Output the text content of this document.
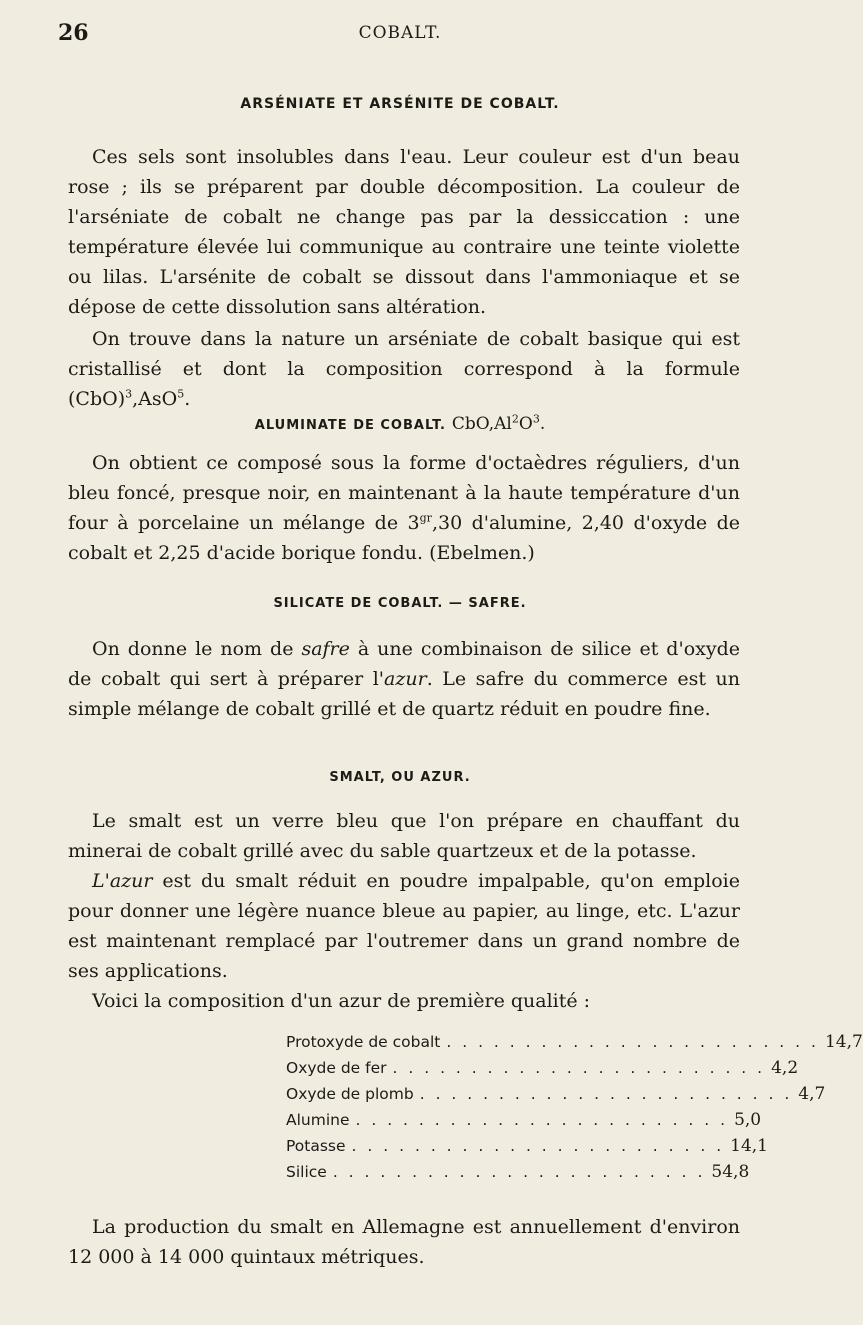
26	COBALT.
ARSÉNIATE ET ARSÉNITE DE COBALT.

Ces sels sont insolubles dans l'eau. Leur couleur est d'un beau rose ; ils se préparent par double décomposition. La couleur de l'arséniate de cobalt ne change pas par la dessiccation : une température élevée lui communique au contraire une teinte violette ou lilas. L'arsénite de cobalt se dissout dans l'ammoniaque et se dépose de cette dissolution sans altération.

On trouve dans la nature un arséniate de cobalt basique qui est cristallisé et dont la composition correspond à la formule (CbO)$^3$,AsO$^5$.

ALUMINATE DE COBALT. $CbO,Al^2O^3$.

On obtient ce composé sous la forme d'octaèdres réguliers, d'un bleu foncé, presque noir, en maintenant à la haute température d'un four à porcelaine un mélange de $3^{gr},30$ d'alumine, 2,40 d'oxyde de cobalt et 2,25 d'acide borique fondu. (Ebelmen.)

SILICATE DE COBALT. — SAFRE.

On donne le nom de safre à une combinaison de silice et d'oxyde de cobalt qui sert à préparer l'azur. Le safre du commerce est un simple mélange de cobalt grillé et de quartz réduit en poudre fine.

SMALT, OU AZUR.

Le smalt est un verre bleu que l'on prépare en chauffant du minerai de cobalt grillé avec du sable quartzeux et de la potasse.

L'azur est du smalt réduit en poudre impalpable, qu'on emploie pour donner une légère nuance bleue au papier, au linge, etc. L'azur est maintenant remplacé par l'outremer dans un grand nombre de ses applications.

Voici la composition d'un azur de première qualité :

Protoxyde de cobalt . . . . . . . . . . . . . . . . . . . . . . . . 14,7
Oxyde de fer . . . . . . . . . . . . . . . . . . . . . . . . 4,2
Oxyde de plomb . . . . . . . . . . . . . . . . . . . . . . . . 4,7
Alumine . . . . . . . . . . . . . . . . . . . . . . . . 5,0
Potasse . . . . . . . . . . . . . . . . . . . . . . . . 14,1
Silice . . . . . . . . . . . . . . . . . . . . . . . . 54,8

La production du smalt en Allemagne est annuellement d'environ 12 000 à 14 000 quintaux métriques.
